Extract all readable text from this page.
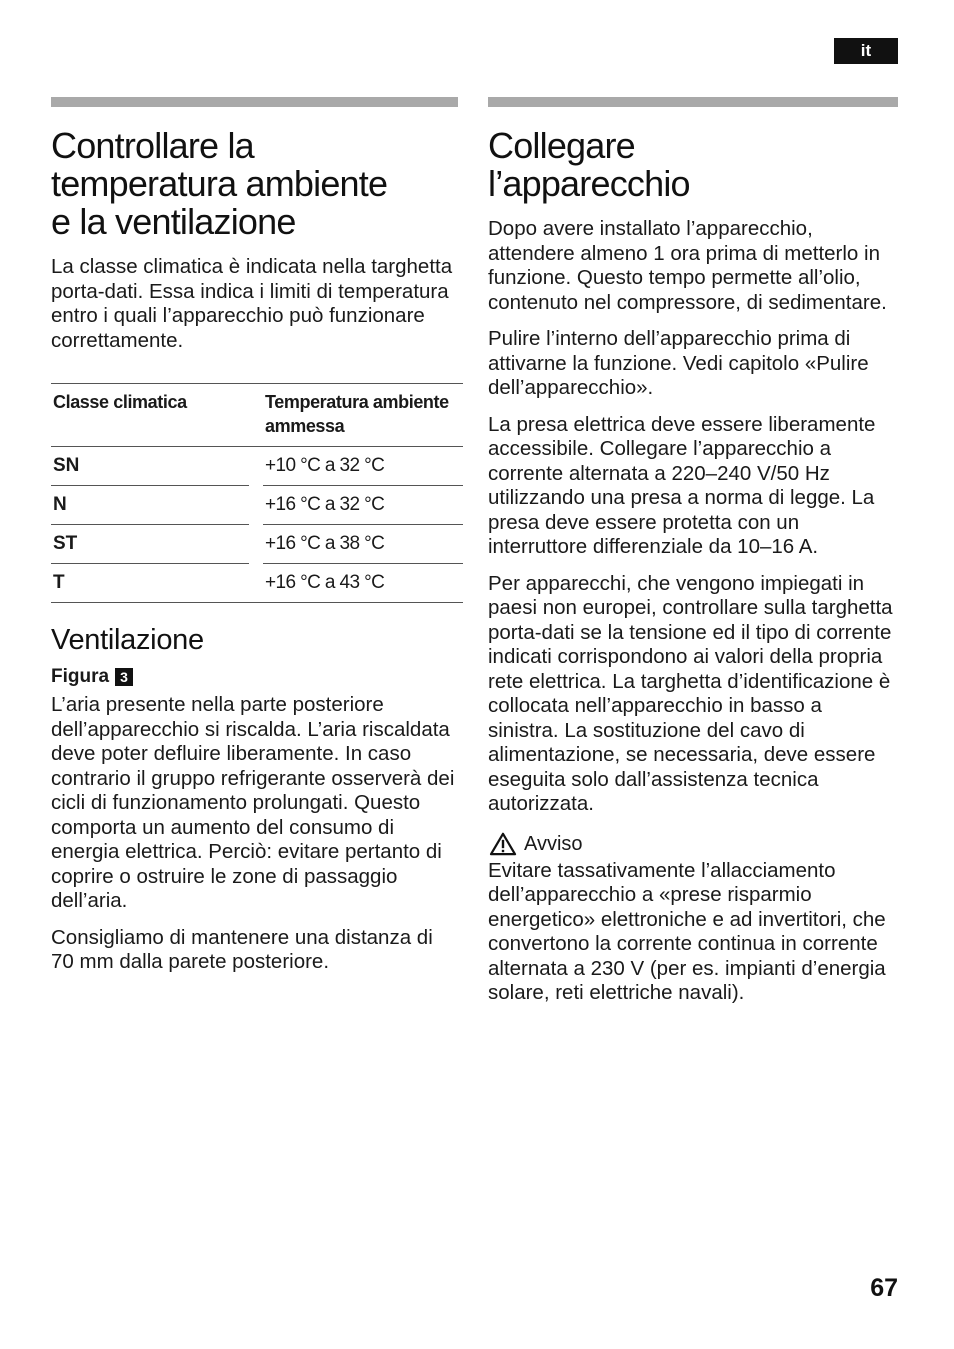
it
Controllare la
temperatura ambiente
e la ventilazione

La classe climatica è indicata nella targhetta porta-dati. Essa indica i limiti di temperatura entro i quali l’apparecchio può funzionare correttamente.

Classe climatica	Temperatura ambiente ammessa	
SN		+10 °C a 32 °C
N		+16 °C a 32 °C
ST		+16 °C a 38 °C
T		+16 °C a 43 °C
Ventilazione
Figura 3

L’aria presente nella parte posteriore dell’apparecchio si riscalda. L’aria riscaldata deve poter defluire liberamente. In caso contrario il gruppo refrigerante osserverà dei cicli di funzionamento prolungati. Questo comporta un aumento del consumo di energia elettrica. Perciò: evitare pertanto di coprire o ostruire le zone di passaggio dell’aria.

Consigliamo di mantenere una distanza di 70 mm dalla parete posteriore.

Collegare
l’apparecchio

Dopo avere installato l’apparecchio, attendere almeno 1 ora prima di metterlo in funzione. Questo tempo permette all’olio, contenuto nel compressore, di sedimentare.

Pulire l’interno dell’apparecchio prima di attivarne la funzione. Vedi capitolo «Pulire dell’apparecchio».

La presa elettrica deve essere liberamente accessibile. Collegare l’apparecchio a corrente alternata a 220–240 V/50 Hz utilizzando una presa a norma di legge. La presa deve essere protetta con un interruttore differenziale da 10–16 A.

Per apparecchi, che vengono impiegati in paesi non europei, controllare sulla targhetta porta-dati se la tensione ed il tipo di corrente indicati corrispondono ai valori della propria rete elettrica. La targhetta d’identificazione è collocata nell’apparecchio in basso a sinistra. La sostituzione del cavo di alimentazione, se necessaria, deve essere eseguita solo dall’assistenza tecnica autorizzata.

Avviso

Evitare tassativamente l’allacciamento dell’apparecchio a «prese risparmio energetico» elettroniche e ad invertitori, che convertono la corrente continua in corrente alternata a 230 V (per es. impianti d’energia solare, reti elettriche navali).

67
